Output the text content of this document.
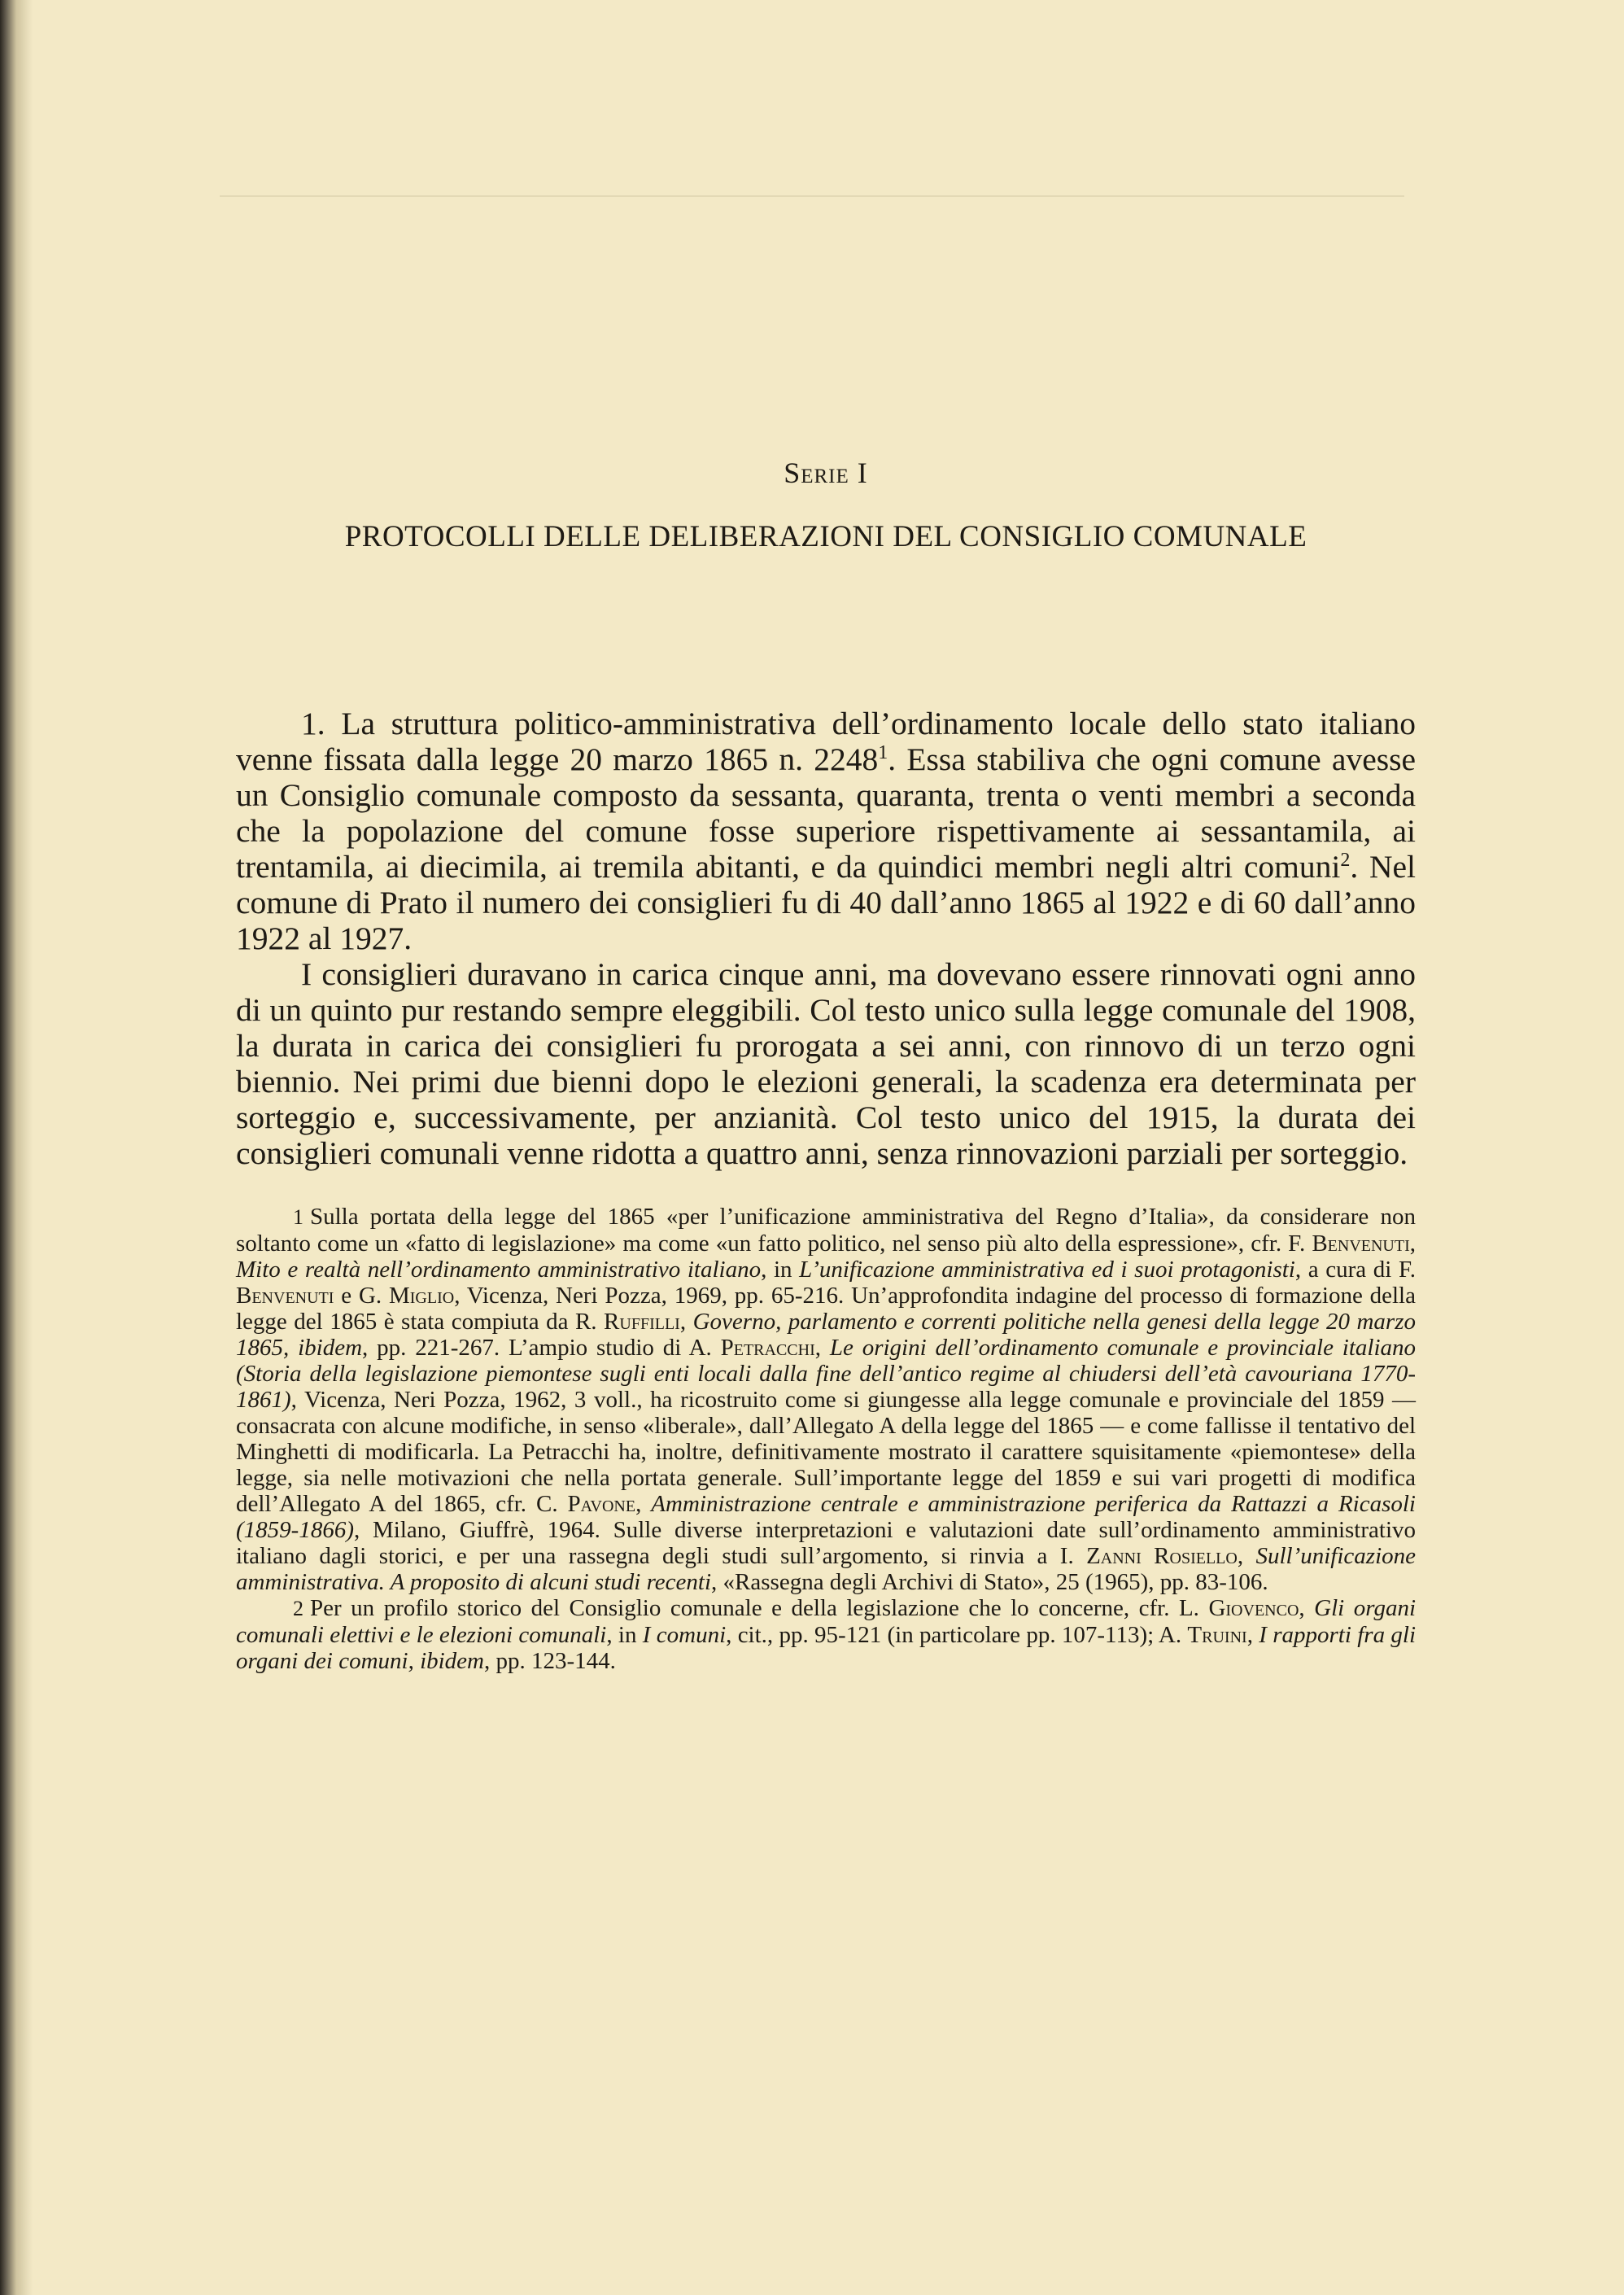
Serie I
PROTOCOLLI DELLE DELIBERAZIONI DEL CONSIGLIO COMUNALE

1. La struttura politico-amministrativa dell’ordinamento locale dello stato italiano venne fissata dalla legge 20 marzo 1865 n. 2248$^1$. Essa stabiliva che ogni comune avesse un Consiglio comunale composto da sessanta, quaranta, trenta o venti membri a seconda che la popolazione del comune fosse superiore rispettivamente ai sessantamila, ai trentamila, ai diecimila, ai tremila abitanti, e da quindici membri negli altri comuni$^2$. Nel comune di Prato il numero dei consiglieri fu di 40 dall’anno 1865 al 1922 e di 60 dall’anno 1922 al 1927.

I consiglieri duravano in carica cinque anni, ma dovevano essere rinnovati ogni anno di un quinto pur restando sempre eleggibili. Col testo unico sulla legge comunale del 1908, la durata in carica dei consiglieri fu prorogata a sei anni, con rinnovo di un terzo ogni biennio. Nei primi due bienni dopo le elezioni generali, la scadenza era determinata per sorteggio e, successivamente, per anzianità. Col testo unico del 1915, la durata dei consiglieri comunali venne ridotta a quattro anni, senza rinnovazioni parziali per sorteggio.

1 Sulla portata della legge del 1865 «per l’unificazione amministrativa del Regno d’Italia», da considerare non soltanto come un «fatto di legislazione» ma come «un fatto politico, nel senso più alto della espressione», cfr. F. Benvenuti, Mito e realtà nell’ordinamento amministrativo italiano, in L’unificazione amministrativa ed i suoi protagonisti, a cura di F. Benvenuti e G. Miglio, Vicenza, Neri Pozza, 1969, pp. 65-216. Un’approfondita indagine del processo di formazione della legge del 1865 è stata compiuta da R. Ruffilli, Governo, parlamento e correnti politiche nella genesi della legge 20 marzo 1865, ibidem, pp. 221-267. L’ampio studio di A. Petracchi, Le origini dell’ordinamento comunale e provinciale italiano (Storia della legislazione piemontese sugli enti locali dalla fine dell’antico regime al chiudersi dell’età cavouriana 1770-1861), Vicenza, Neri Pozza, 1962, 3 voll., ha ricostruito come si giungesse alla legge comunale e provinciale del 1859 — consacrata con alcune modifiche, in senso «liberale», dall’Allegato A della legge del 1865 — e come fallisse il tentativo del Minghetti di modificarla. La Petracchi ha, inoltre, definitivamente mostrato il carattere squisitamente «piemontese» della legge, sia nelle motivazioni che nella portata generale. Sull’importante legge del 1859 e sui vari progetti di modifica dell’Allegato A del 1865, cfr. C. Pavone, Amministrazione centrale e amministrazione periferica da Rattazzi a Ricasoli (1859-1866), Milano, Giuffrè, 1964. Sulle diverse interpretazioni e valutazioni date sull’ordinamento amministrativo italiano dagli storici, e per una rassegna degli studi sull’argomento, si rinvia a I. Zanni Rosiello, Sull’unificazione amministrativa. A proposito di alcuni studi recenti, «Rassegna degli Archivi di Stato», 25 (1965), pp. 83-106.

2 Per un profilo storico del Consiglio comunale e della legislazione che lo concerne, cfr. L. Giovenco, Gli organi comunali elettivi e le elezioni comunali, in I comuni, cit., pp. 95-121 (in particolare pp. 107-113); A. Truini, I rapporti fra gli organi dei comuni, ibidem, pp. 123-144.
